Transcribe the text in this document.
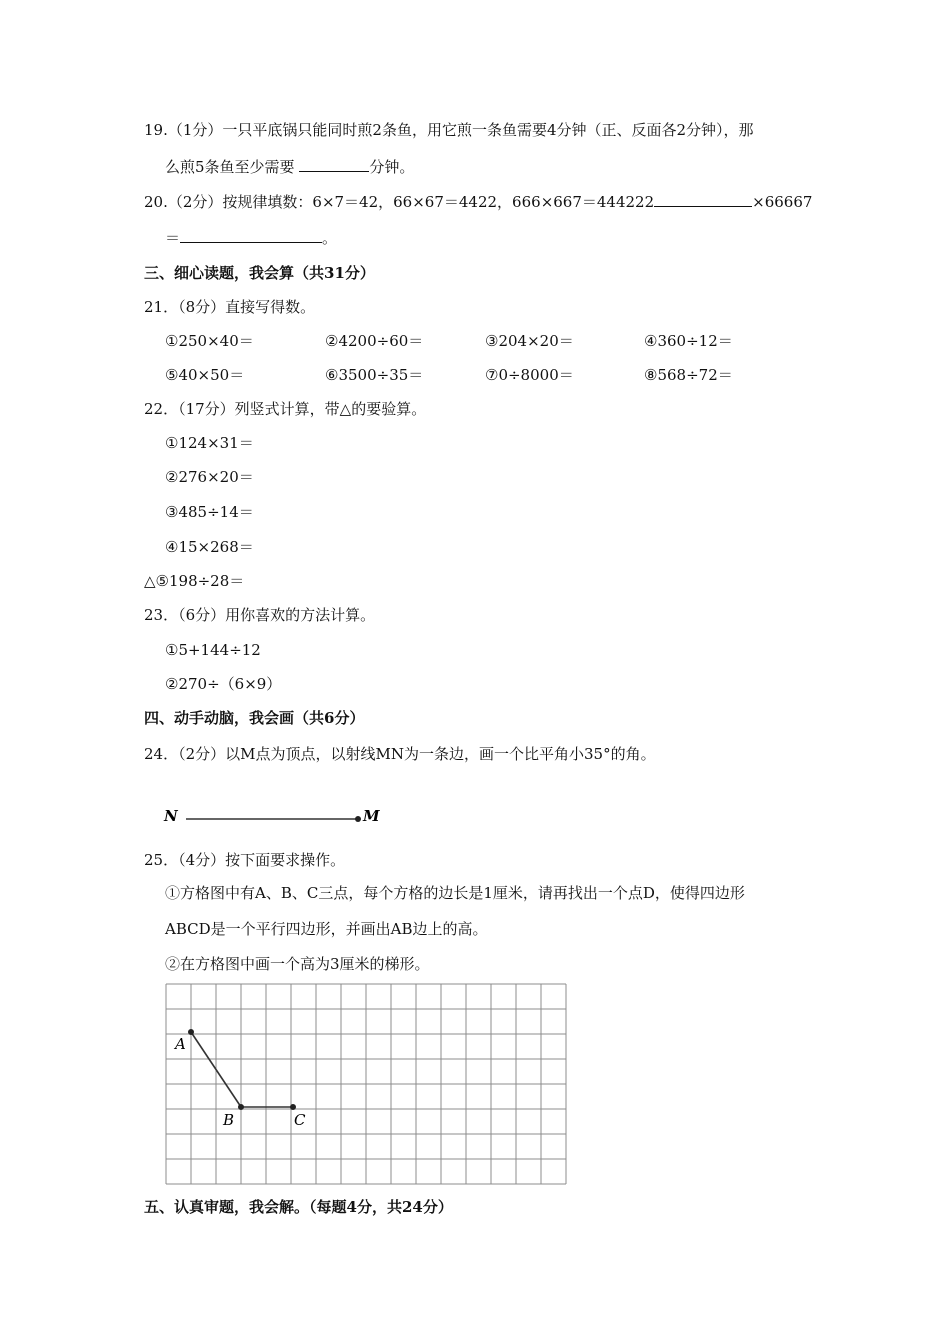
19.（1分）一只平底锅只能同时煎2条鱼，用它煎一条鱼需要4分钟（正、反面各2分钟），那
么煎5条鱼至少需要	分钟。
20.（2分）按规律填数：6×7＝42，66×67＝4422，666×667＝444222	×66667
＝	。
三、细心读题，我会算（共31分）
21．（8分）直接写得数。
①250×40＝	②4200÷60＝	③204×20＝	④360÷12＝
⑤40×50＝	⑥3500÷35＝	⑦0÷8000＝	⑧568÷72＝
22．（17分）列竖式计算，带△的要验算。
①124×31＝
②276×20＝
③485÷14＝
④15×268＝
△⑤198÷28＝
23．（6分）用你喜欢的方法计算。
①5+144÷12
②270÷（6×9）
四、动手动脑，我会画（共6分）
24．（2分）以M点为顶点，以射线MN为一条边，画一个比平角小35°的角。
N	M
25．（4分）按下面要求操作。
①方格图中有A、B、C三点，每个方格的边长是1厘米，请再找出一个点D，使得四边形
ABCD是一个平行四边形，并画出AB边上的高。
②在方格图中画一个高为3厘米的梯形。
A
B	C
五、认真审题，我会解。（每题4分，共24分）
